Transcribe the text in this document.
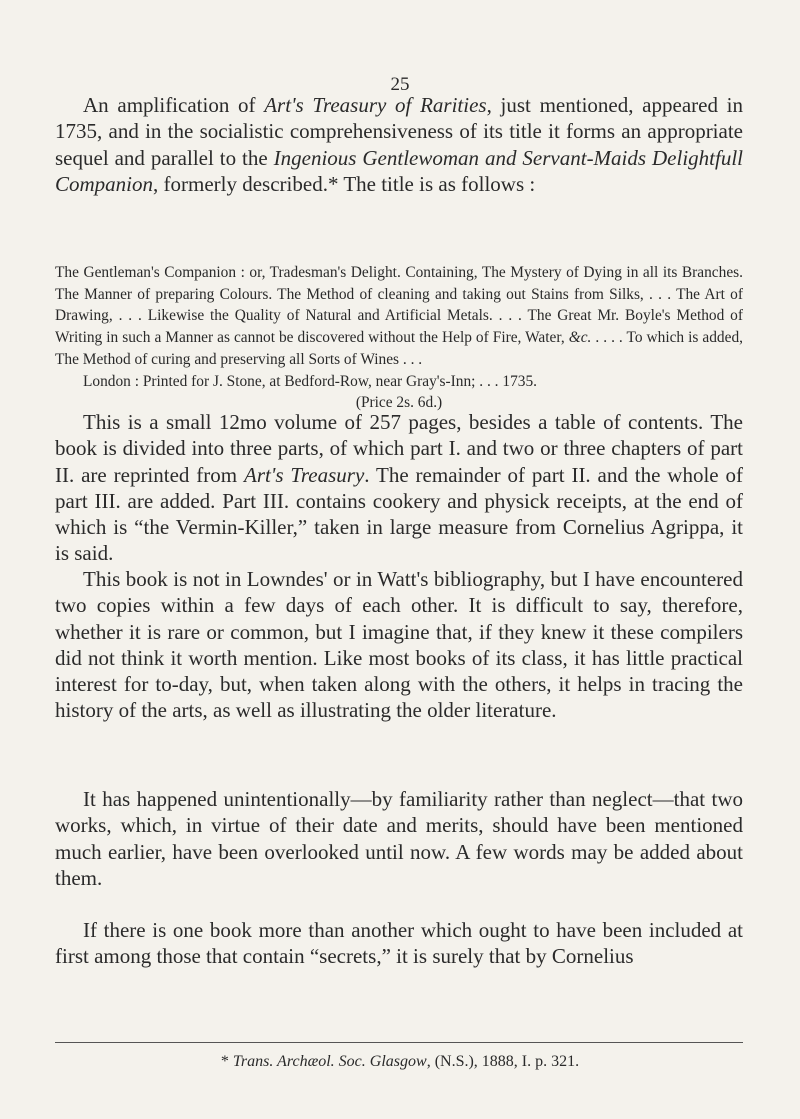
25

An amplification of Art's Treasury of Rarities, just mentioned, appeared in 1735, and in the socialistic comprehensiveness of its title it forms an appropriate sequel and parallel to the Ingenious Gentlewoman and Servant-Maids Delightfull Companion, formerly described.* The title is as follows :

The Gentleman's Companion : or, Tradesman's Delight. Containing, The Mystery of Dying in all its Branches. The Manner of preparing Colours. The Method of cleaning and taking out Stains from Silks, . . . The Art of Drawing, . . . Likewise the Quality of Natural and Artificial Metals. . . . The Great Mr. Boyle's Method of Writing in such a Manner as cannot be discovered without the Help of Fire, Water, &c. . . . . To which is added, The Method of curing and preserving all Sorts of Wines . . .

London : Printed for J. Stone, at Bedford-Row, near Gray's-Inn; . . . 1735.

(Price 2s. 6d.)

This is a small 12mo volume of 257 pages, besides a table of contents. The book is divided into three parts, of which part I. and two or three chapters of part II. are reprinted from Art's Treasury. The remainder of part II. and the whole of part III. are added. Part III. contains cookery and physick receipts, at the end of which is “the Vermin-Killer,” taken in large measure from Cornelius Agrippa, it is said.

This book is not in Lowndes' or in Watt's bibliography, but I have encountered two copies within a few days of each other. It is difficult to say, therefore, whether it is rare or common, but I imagine that, if they knew it these compilers did not think it worth mention. Like most books of its class, it has little practical interest for to-day, but, when taken along with the others, it helps in tracing the history of the arts, as well as illustrating the older literature.

It has happened unintentionally—by familiarity rather than neglect—that two works, which, in virtue of their date and merits, should have been mentioned much earlier, have been overlooked until now. A few words may be added about them.

If there is one book more than another which ought to have been included at first among those that contain “secrets,” it is surely that by Cornelius

* Trans. Archæol. Soc. Glasgow, (N.S.), 1888, I. p. 321.
